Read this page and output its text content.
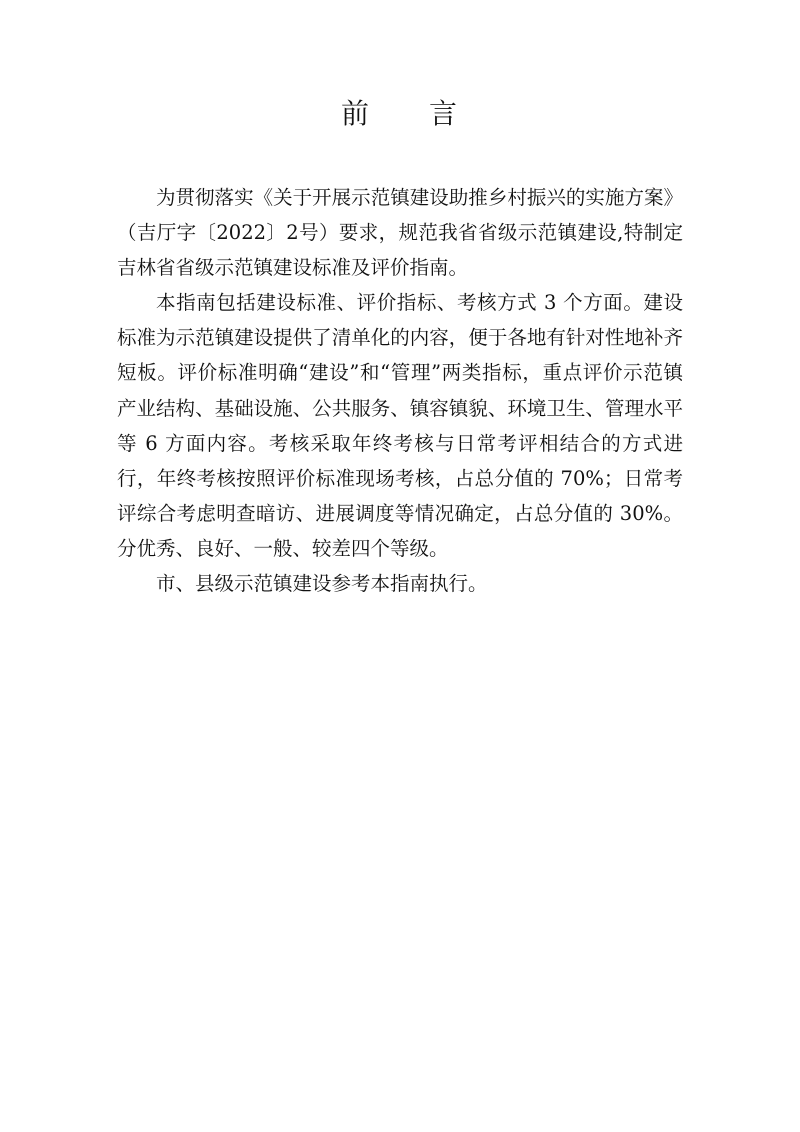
前 言

为贯彻落实《关于开展示范镇建设助推乡村振兴的实施方案》（吉厅字〔2022〕2号）要求，规范我省省级示范镇建设,特制定吉林省省级示范镇建设标准及评价指南。

本指南包括建设标准、评价指标、考核方式 3 个方面。建设标准为示范镇建设提供了清单化的内容，便于各地有针对性地补齐短板。评价标准明确“建设”和“管理”两类指标，重点评价示范镇产业结构、基础设施、公共服务、镇容镇貌、环境卫生、管理水平等 6 方面内容。考核采取年终考核与日常考评相结合的方式进行，年终考核按照评价标准现场考核，占总分值的 70%；日常考评综合考虑明查暗访、进展调度等情况确定，占总分值的 30%。分优秀、良好、一般、较差四个等级。

市、县级示范镇建设参考本指南执行。
